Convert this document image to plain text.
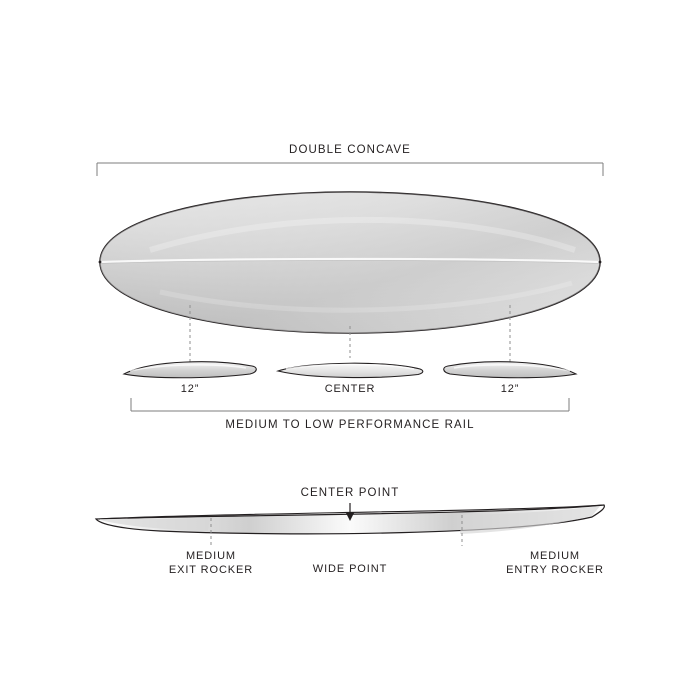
DOUBLE CONCAVE
12”	CENTER	12”
MEDIUM TO LOW PERFORMANCE RAIL
CENTER POINT
MEDIUM
EXIT ROCKER	WIDE POINT
MEDIUM
ENTRY ROCKER
